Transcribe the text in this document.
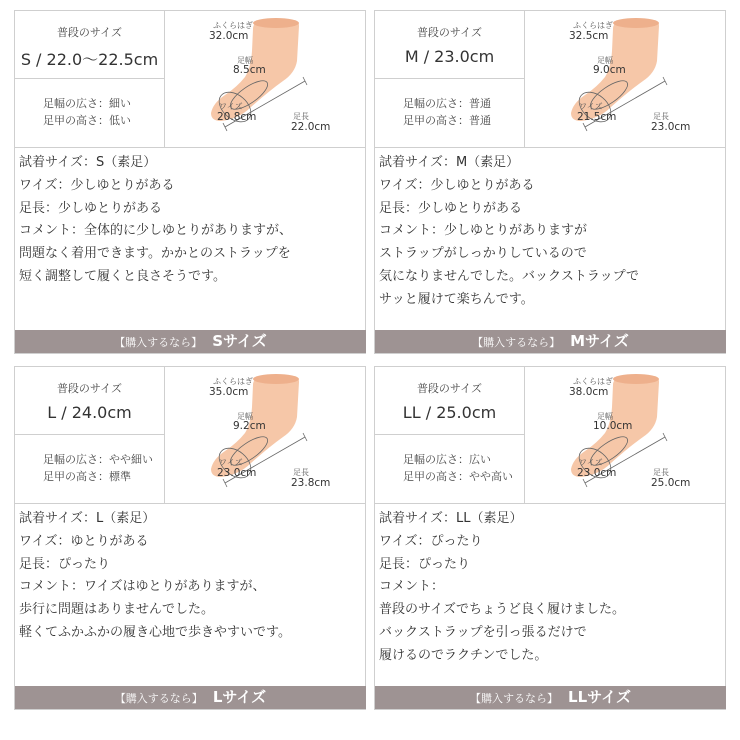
普段のサイズ
S / 22.0〜22.5cm
足幅の広さ：細い
足甲の高さ：低い
ふくらはぎ
32.0cm
足幅
8.5cm
ワイズ
20.8cm	足長
22.0cm
試着サイズ：S（素足）
ワイズ：少しゆとりがある
足長：少しゆとりがある
コメント：全体的に少しゆとりがありますが、
問題なく着用できます。かかとのストラップを
短く調整して履くと良さそうです。
【購入するなら】 Sサイズ
普段のサイズ
M / 23.0cm
足幅の広さ：普通
足甲の高さ：普通
ふくらはぎ
32.5cm
足幅
9.0cm
ワイズ
21.5cm	足長
23.0cm
試着サイズ：M（素足）
ワイズ：少しゆとりがある
足長：少しゆとりがある
コメント：少しゆとりがありますが
ストラップがしっかりしているので
気になりませんでした。バックストラップで
サッと履けて楽ちんです。
【購入するなら】 Mサイズ
普段のサイズ
L / 24.0cm
足幅の広さ：やや細い
足甲の高さ：標準
ふくらはぎ
35.0cm
足幅
9.2cm
ワイズ
23.0cm	足長
23.8cm
試着サイズ：L（素足）
ワイズ：ゆとりがある
足長：ぴったり
コメント：ワイズはゆとりがありますが、
歩行に問題はありませんでした。
軽くてふかふかの履き心地で歩きやすいです。
【購入するなら】 Lサイズ
普段のサイズ
LL / 25.0cm
足幅の広さ：広い
足甲の高さ：やや高い
ふくらはぎ
38.0cm
足幅
10.0cm
ワイズ
23.0cm	足長
25.0cm
試着サイズ：LL（素足）
ワイズ：ぴったり
足長：ぴったり
コメント：
普段のサイズでちょうど良く履けました。
バックストラップを引っ張るだけで
履けるのでラクチンでした。
【購入するなら】 LLサイズ
